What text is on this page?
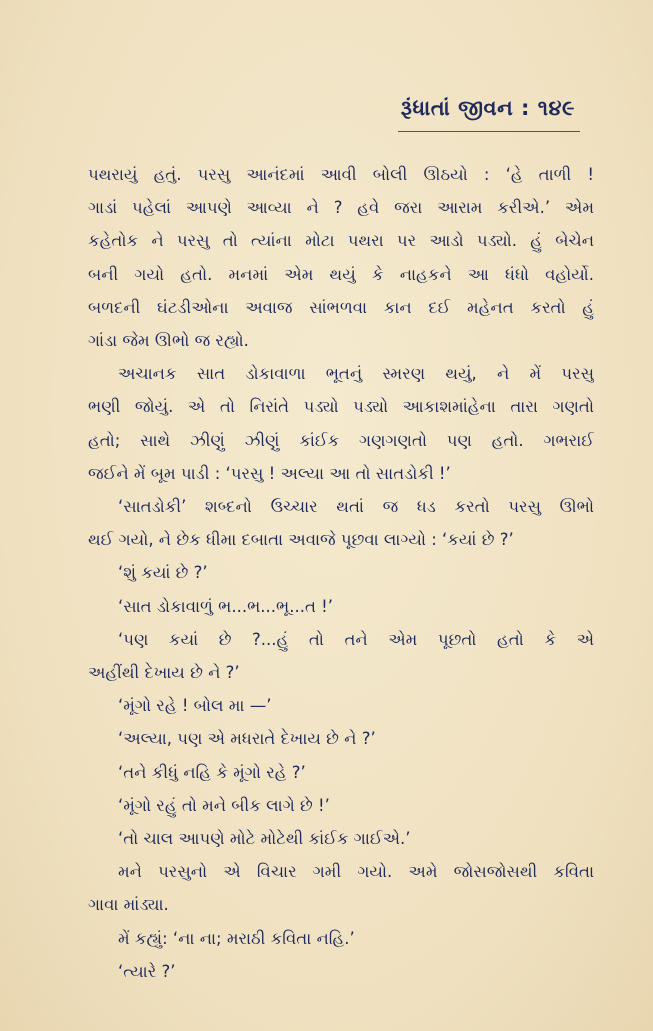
રૂંધાતાં જીવન : ૧૪૯
પથરાયું હતું. પરસુ આનંદમાં આવી બોલી ઊઠયો : ‘હે તાળી !
ગાડાં પહેલાં આપણે આવ્યા ને ? હવે જરા આરામ કરીએ.’ એમ
કહેતોક ને પરસુ તો ત્યાંના મોટા પથરા પર આડો પડ્યો. હું બેચેન
બની ગયો હતો. મનમાં એમ થયું કે નાહકને આ ધંધો વહોર્યો.
બળદની ઘંટડીઓના અવાજ સાંભળવા કાન દઈ મહેનત કરતો હું
ગાંડા જેમ ઊભો જ રહ્યો.
અચાનક સાત ડોકાવાળા ભૂતનું સ્મરણ થયું, ને મેં પરસુ
ભણી જોયું. એ તો નિરાંતે પડ્યો પડ્યો આકાશમાંહેના તારા ગણતો
હતો; સાથે ઝીણું ઝીણું કાંઈક ગણગણતો પણ હતો. ગભરાઈ
જઈને મેં બૂમ પાડી : ‘પરસુ ! અલ્યા આ તો સાતડોકી !’
‘સાતડોકી’ શબ્દનો ઉચ્ચાર થતાં જ ધડ કરતો પરસુ ઊભો
થઈ ગયો, ને છેક ધીમા દબાતા અવાજે પૂછવા લાગ્યો : ‘કયાં છે ?’
‘શું કયાં છે ?’
‘સાત ડોકાવાળું ભ...ભ...ભૂ...ત !’
‘પણ કયાં છે ?...હું તો તને એમ પૂછતો હતો કે એ
અહીંથી દેખાય છે ને ?’
‘મૂંગો રહે ! બોલ મા —’
‘અલ્યા, પણ એ મધરાતે દેખાય છે ને ?’
‘તને કીધું નહિ કે મૂંગો રહે ?’
‘મૂંગો રહું તો મને બીક લાગે છે !’
‘તો ચાલ આપણે મોટે મોટેથી કાંઈક ગાઈએ.’
મને પરસુનો એ વિચાર ગમી ગયો. અમે જોસજોસથી કવિતા
ગાવા માંડ્યા.
મેં કહ્યું: ‘ના ના; મરાઠી કવિતા નહિ.’
‘ત્યારે ?’
